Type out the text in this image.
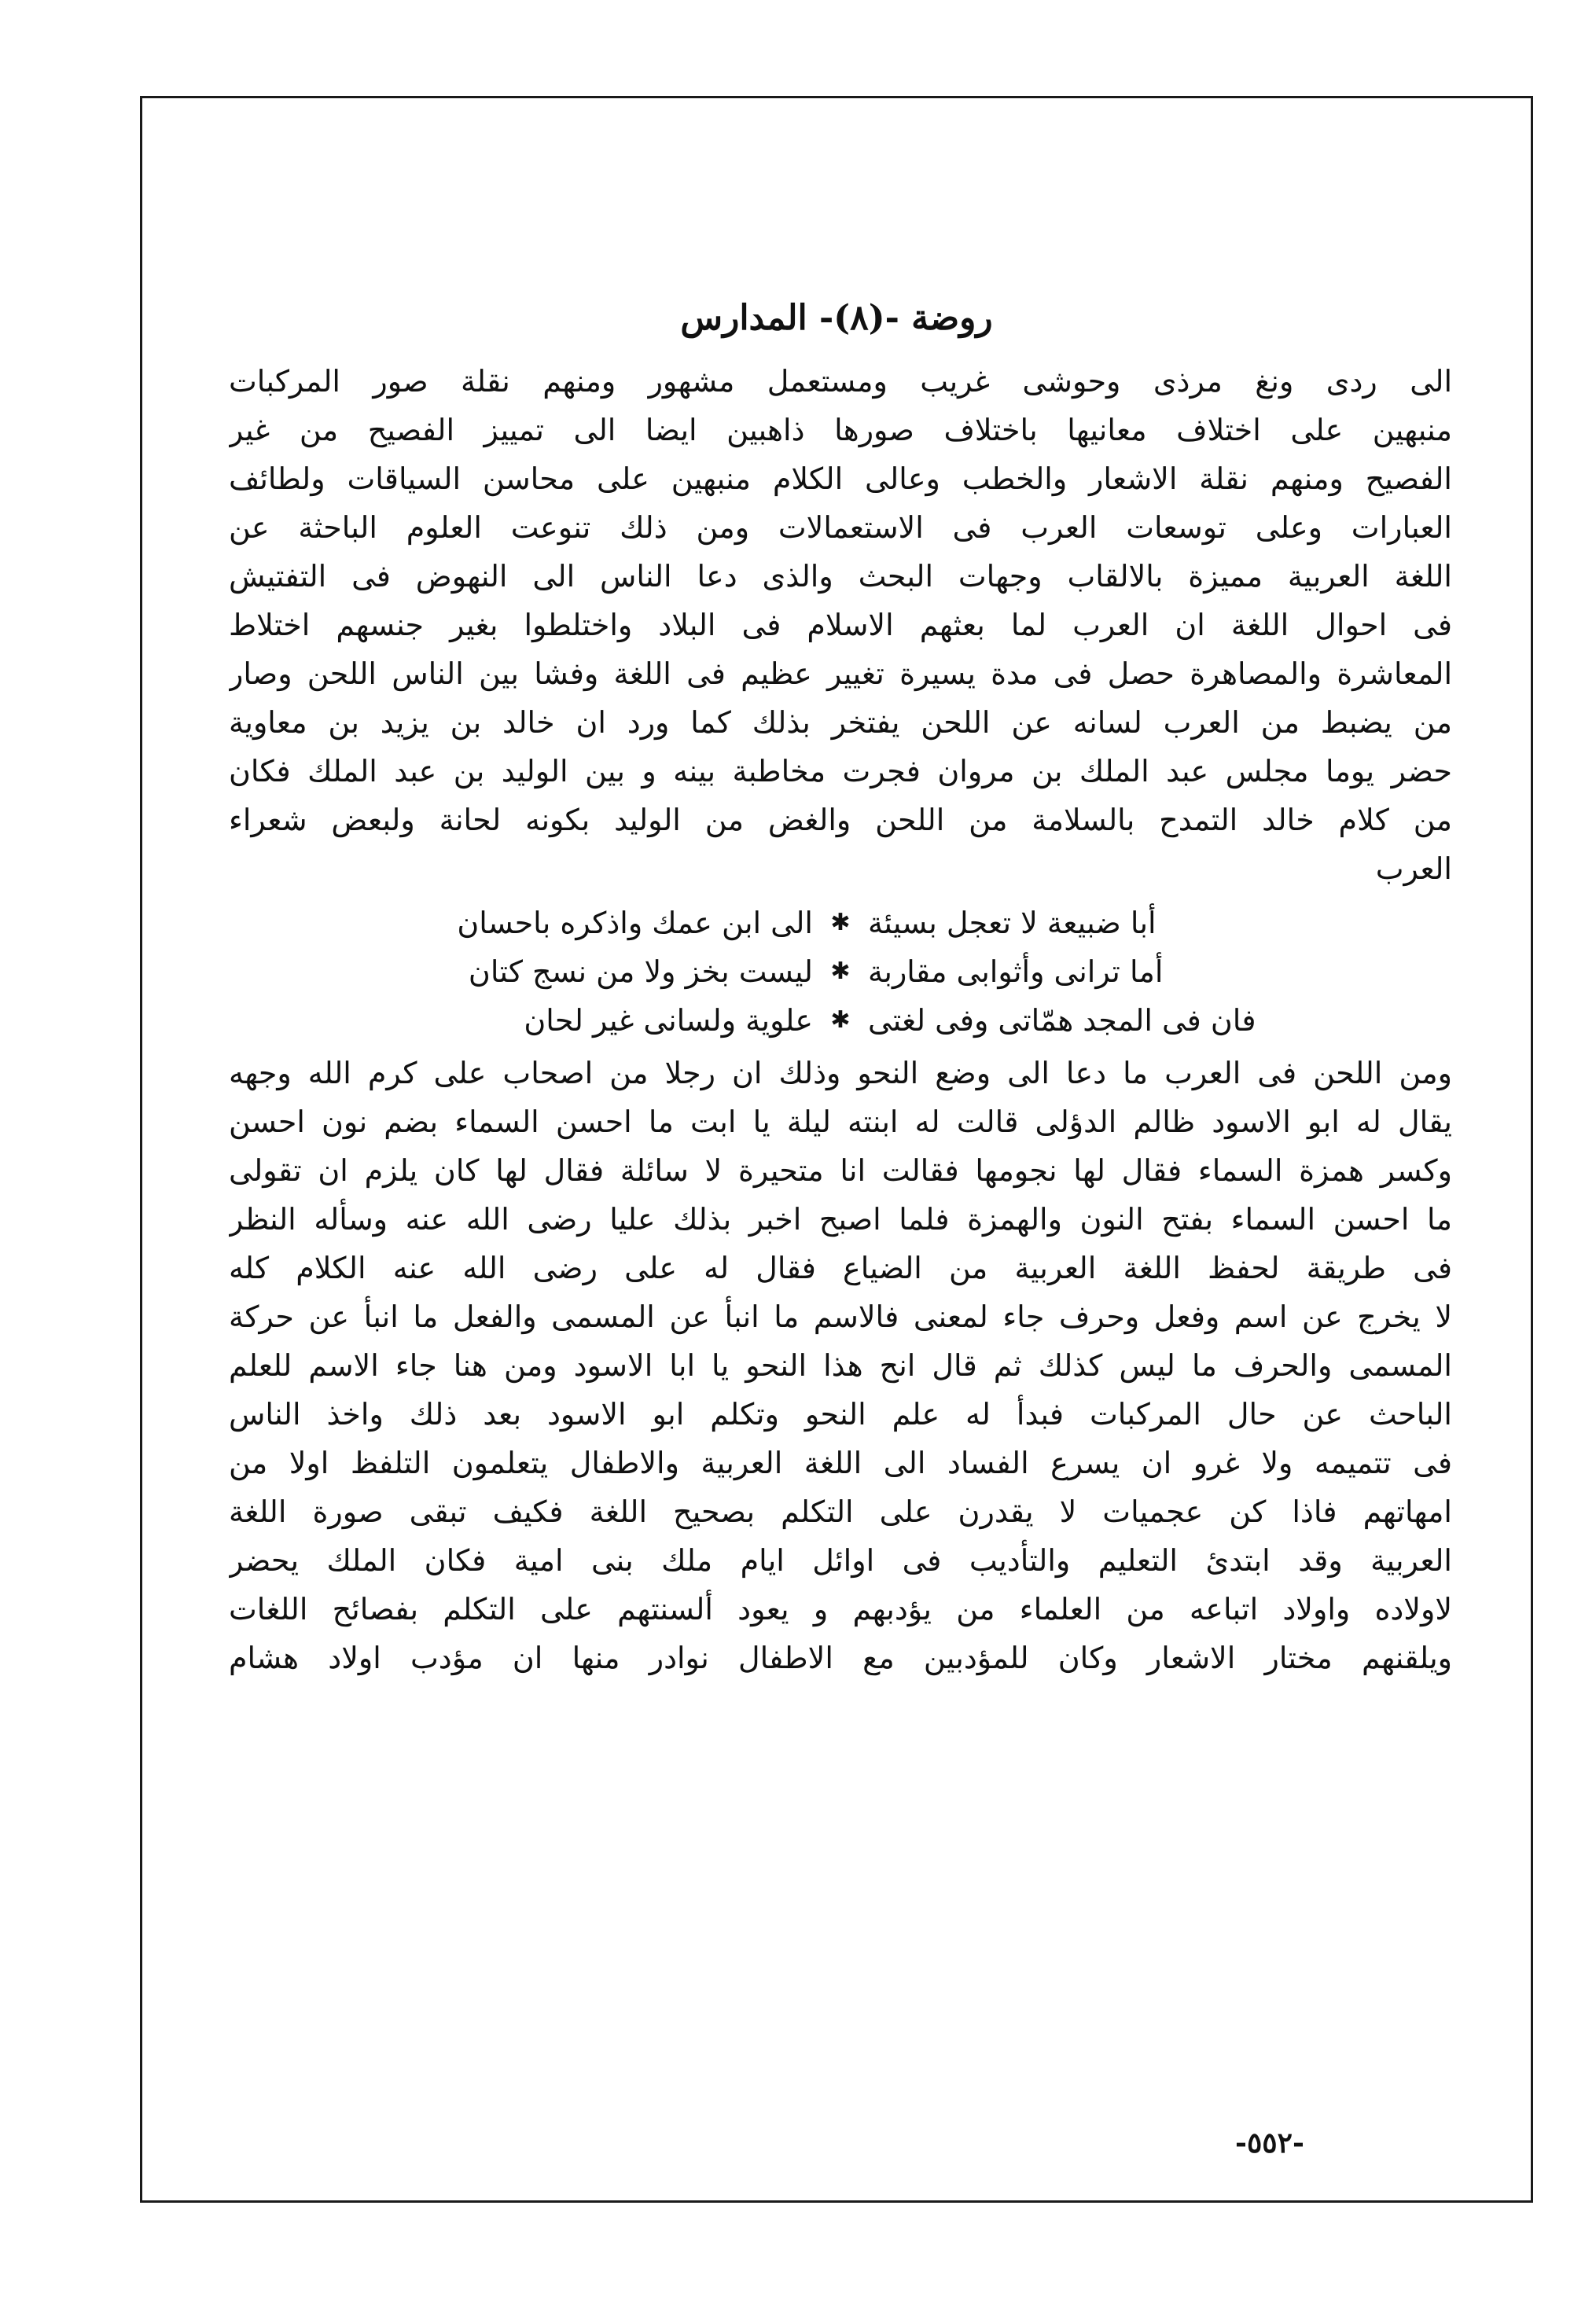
روضة -(٨)- المدارس
الى ردى ونغ مرذى وحوشى غريب ومستعمل مشهور ومنهم نقلة صور المركبات
منبهين على اختلاف معانيها باختلاف صورها ذاهبين ايضا الى تمييز الفصيح من غير
الفصيح ومنهم نقلة الاشعار والخطب وعالى الكلام منبهين على محاسن السياقات ولطائف
العبارات وعلى توسعات العرب فى الاستعمالات ومن ذلك تنوعت العلوم الباحثة عن
اللغة العربية مميزة بالالقاب وجهات البحث والذى دعا الناس الى النهوض فى التفتيش
فى احوال اللغة ان العرب لما بعثهم الاسلام فى البلاد واختلطوا بغير جنسهم اختلاط
المعاشرة والمصاهرة حصل فى مدة يسيرة تغيير عظيم فى اللغة وفشا بين الناس اللحن وصار
من يضبط من العرب لسانه عن اللحن يفتخر بذلك كما ورد ان خالد بن يزيد بن معاوية
حضر يوما مجلس عبد الملك بن مروان فجرت مخاطبة بينه و بين الوليد بن عبد الملك فكان
من كلام خالد التمدح بالسلامة من اللحن والغض من الوليد بكونه لحانة ولبعض شعراء
العرب
أبا ضبيعة لا تعجل بسيئة
✱
الى ابن عمك واذكره باحسان
أما ترانى وأثوابى مقاربة
✱
ليست بخز ولا من نسج كتان
فان فى المجد همّاتى وفى لغتى
✱
علوية ولسانى غير لحان
ومن اللحن فى العرب ما دعا الى وضع النحو وذلك ان رجلا من اصحاب على كرم الله وجهه
يقال له ابو الاسود ظالم الدؤلى قالت له ابنته ليلة يا ابت ما احسن السماء بضم نون احسن
وكسر همزة السماء فقال لها نجومها فقالت انا متحيرة لا سائلة فقال لها كان يلزم ان تقولى
ما احسن السماء بفتح النون والهمزة فلما اصبح اخبر بذلك عليا رضى الله عنه وسأله النظر
فى طريقة لحفظ اللغة العربية من الضياع فقال له على رضى الله عنه الكلام كله
لا يخرج عن اسم وفعل وحرف جاء لمعنى فالاسم ما انبأ عن المسمى والفعل ما انبأ عن حركة
المسمى والحرف ما ليس كذلك ثم قال انح هذا النحو يا ابا الاسود ومن هنا جاء الاسم للعلم
الباحث عن حال المركبات فبدأ له علم النحو وتكلم ابو الاسود بعد ذلك واخذ الناس
فى تتميمه ولا غرو ان يسرع الفساد الى اللغة العربية والاطفال يتعلمون التلفظ اولا من
امهاتهم فاذا كن عجميات لا يقدرن على التكلم بصحيح اللغة فكيف تبقى صورة اللغة
العربية وقد ابتدئ التعليم والتأديب فى اوائل ايام ملك بنى امية فكان الملك يحضر
لاولاده واولاد اتباعه من العلماء من يؤدبهم و يعود ألسنتهم على التكلم بفصائح اللغات
ويلقنهم مختار الاشعار وكان للمؤدبين مع الاطفال نوادر منها ان مؤدب اولاد هشام
-٥٥٢-
